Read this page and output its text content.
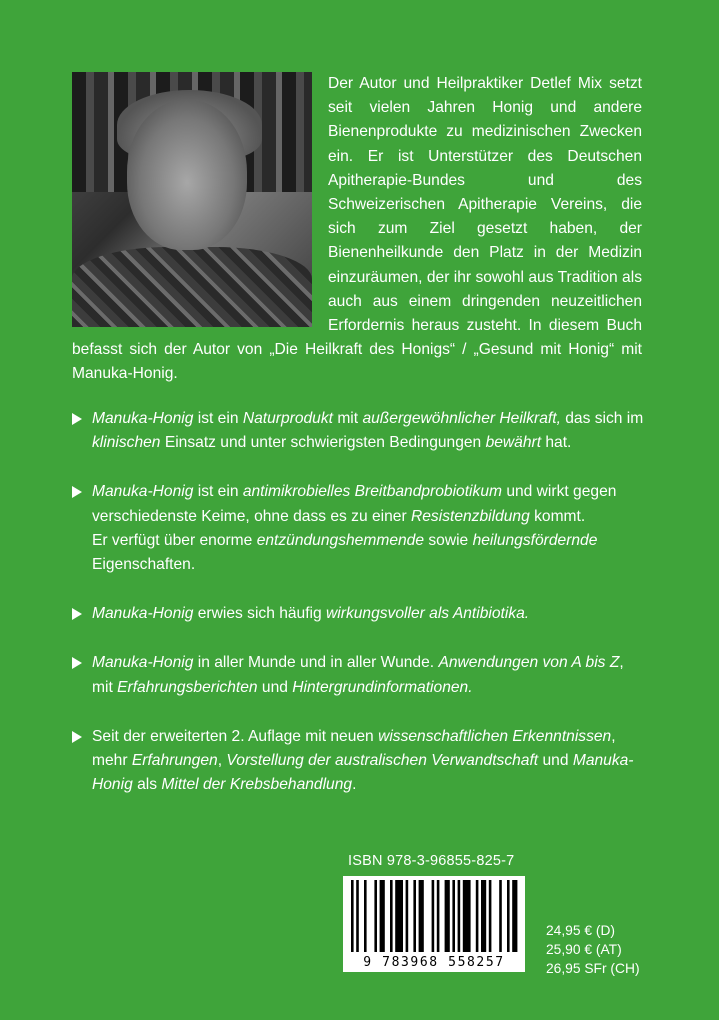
Der Autor und Heilpraktiker Detlef Mix setzt seit vielen Jahren Honig und andere Bienenprodukte zu medizinischen Zwecken ein. Er ist Unterstützer des Deutschen Apitherapie-Bundes und des Schweizerischen Apitherapie Vereins, die sich zum Ziel gesetzt haben, der Bienenheilkunde den Platz in der Medizin einzuräumen, der ihr sowohl aus Tradition als auch aus einem dringenden neuzeitlichen Erfordernis heraus zusteht. In diesem Buch befasst sich der Autor von „Die Heilkraft des Honigs“ / „Gesund mit Honig“ mit Manuka-Honig.

Manuka-Honig ist ein Naturprodukt mit außergewöhnlicher Heilkraft, das sich im klinischen Einsatz und unter schwierigsten Bedingungen bewährt hat.

Manuka-Honig ist ein antimikrobielles Breitbandprobiotikum und wirkt gegen verschiedenste Keime, ohne dass es zu einer Resistenzbildung kommt.
Er verfügt über enorme entzündungshemmende sowie heilungsfördernde Eigenschaften.

Manuka-Honig erwies sich häufig wirkungsvoller als Antibiotika.

Manuka-Honig in aller Munde und in aller Wunde. Anwendungen von A bis Z, mit Erfahrungsberichten und Hintergrundinformationen.

Seit der erweiterten 2. Auflage mit neuen wissenschaftlichen Erkenntnissen, mehr Erfahrungen, Vorstellung der australischen Verwandtschaft und Manuka-Honig als Mittel der Krebsbehandlung.

ISBN 978-3-96855-825-7
9 783968 558257
24,95 € (D)
25,90 € (AT)
26,95 SFr (CH)
